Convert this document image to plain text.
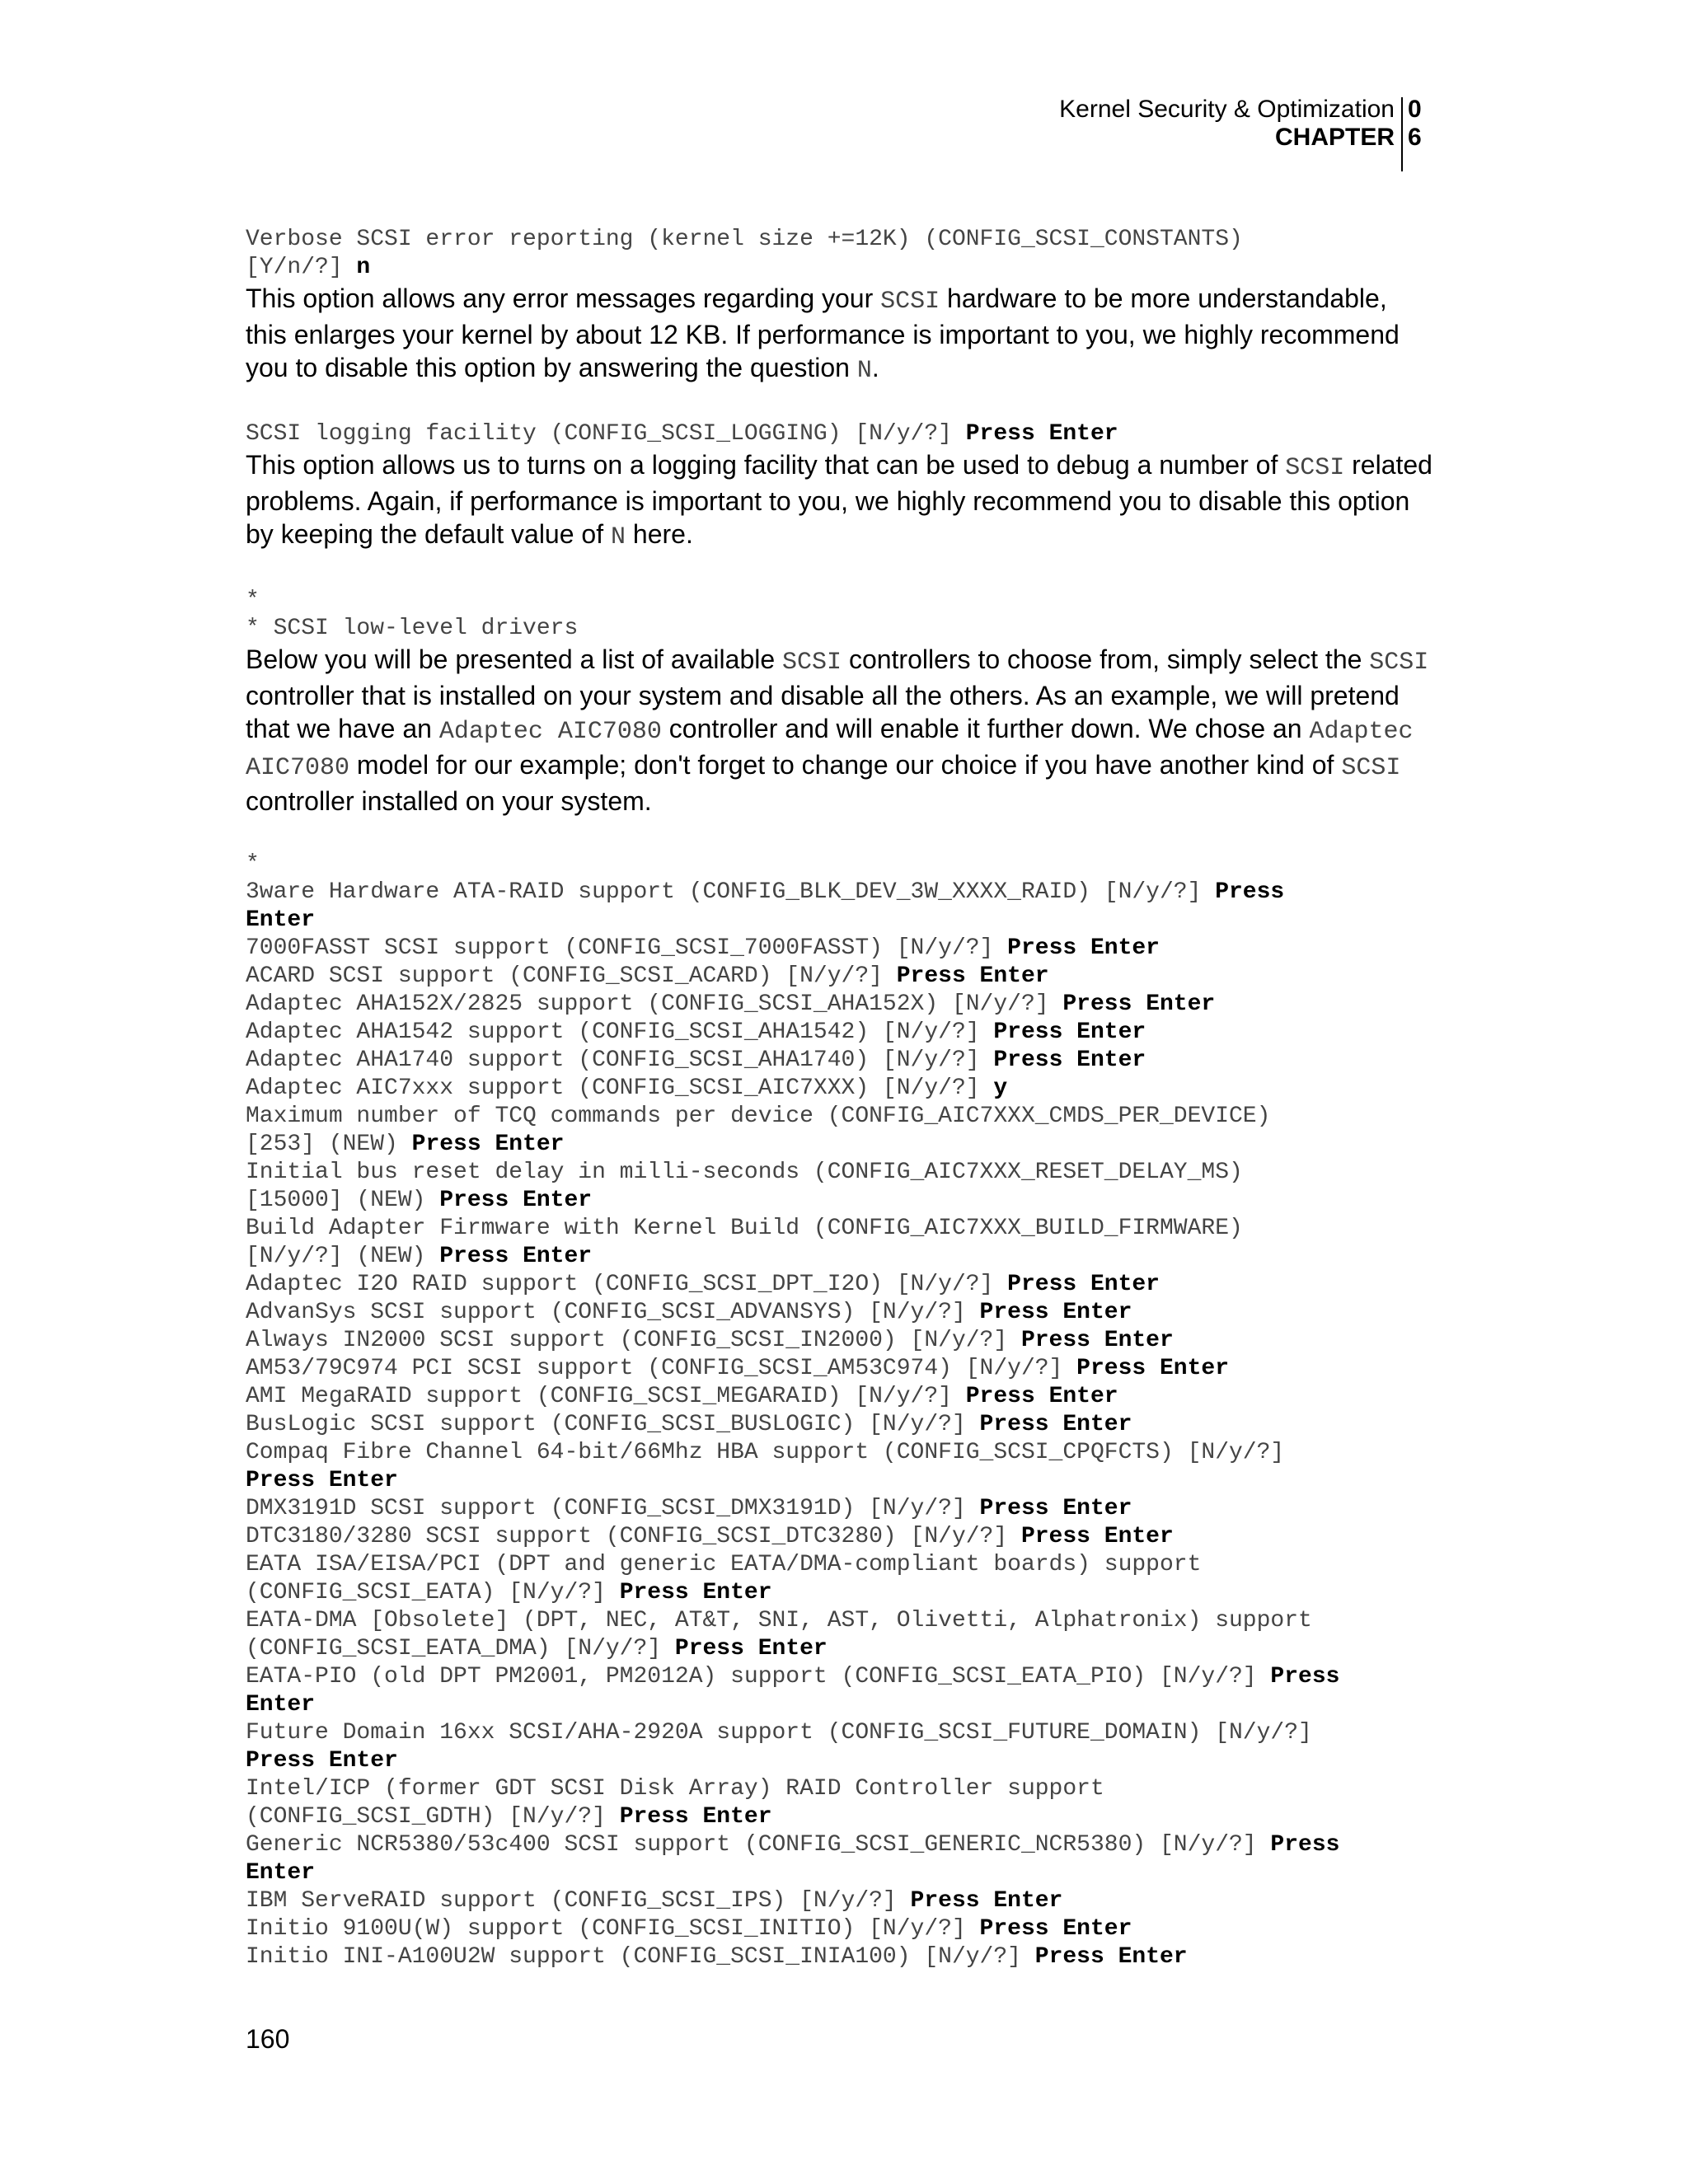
Kernel Security & Optimization
CHAPTER
0
6
Verbose SCSI error reporting (kernel size +=12K) (CONFIG_SCSI_CONSTANTS)
[Y/n/?] n
This option allows any error messages regarding your SCSI hardware to be more understandable, this enlarges your kernel by about 12 KB. If performance is important to you, we highly recommend you to disable this option by answering the question N.
SCSI logging facility (CONFIG_SCSI_LOGGING) [N/y/?] Press Enter
This option allows us to turns on a logging facility that can be used to debug a number of SCSI related problems. Again, if performance is important to you, we highly recommend you to disable this option by keeping the default value of N here.
*
* SCSI low-level drivers
Below you will be presented a list of available SCSI controllers to choose from, simply select the SCSI controller that is installed on your system and disable all the others. As an example, we will pretend that we have an Adaptec AIC7080 controller and will enable it further down. We chose an Adaptec AIC7080 model for our example; don't forget to change our choice if you have another kind of SCSI controller installed on your system.
*
3ware Hardware ATA-RAID support (CONFIG_BLK_DEV_3W_XXXX_RAID) [N/y/?] Press
Enter
7000FASST SCSI support (CONFIG_SCSI_7000FASST) [N/y/?] Press Enter
ACARD SCSI support (CONFIG_SCSI_ACARD) [N/y/?] Press Enter
Adaptec AHA152X/2825 support (CONFIG_SCSI_AHA152X) [N/y/?] Press Enter
Adaptec AHA1542 support (CONFIG_SCSI_AHA1542) [N/y/?] Press Enter
Adaptec AHA1740 support (CONFIG_SCSI_AHA1740) [N/y/?] Press Enter
Adaptec AIC7xxx support (CONFIG_SCSI_AIC7XXX) [N/y/?] y
Maximum number of TCQ commands per device (CONFIG_AIC7XXX_CMDS_PER_DEVICE)
[253] (NEW) Press Enter
Initial bus reset delay in milli-seconds (CONFIG_AIC7XXX_RESET_DELAY_MS)
[15000] (NEW) Press Enter
Build Adapter Firmware with Kernel Build (CONFIG_AIC7XXX_BUILD_FIRMWARE)
[N/y/?] (NEW) Press Enter
Adaptec I2O RAID support (CONFIG_SCSI_DPT_I2O) [N/y/?] Press Enter
AdvanSys SCSI support (CONFIG_SCSI_ADVANSYS) [N/y/?] Press Enter
Always IN2000 SCSI support (CONFIG_SCSI_IN2000) [N/y/?] Press Enter
AM53/79C974 PCI SCSI support (CONFIG_SCSI_AM53C974) [N/y/?] Press Enter
AMI MegaRAID support (CONFIG_SCSI_MEGARAID) [N/y/?] Press Enter
BusLogic SCSI support (CONFIG_SCSI_BUSLOGIC) [N/y/?] Press Enter
Compaq Fibre Channel 64-bit/66Mhz HBA support (CONFIG_SCSI_CPQFCTS) [N/y/?]
Press Enter
DMX3191D SCSI support (CONFIG_SCSI_DMX3191D) [N/y/?] Press Enter
DTC3180/3280 SCSI support (CONFIG_SCSI_DTC3280) [N/y/?] Press Enter
EATA ISA/EISA/PCI (DPT and generic EATA/DMA-compliant boards) support
(CONFIG_SCSI_EATA) [N/y/?] Press Enter
EATA-DMA [Obsolete] (DPT, NEC, AT&T, SNI, AST, Olivetti, Alphatronix) support
(CONFIG_SCSI_EATA_DMA) [N/y/?] Press Enter
EATA-PIO (old DPT PM2001, PM2012A) support (CONFIG_SCSI_EATA_PIO) [N/y/?] Press
Enter
Future Domain 16xx SCSI/AHA-2920A support (CONFIG_SCSI_FUTURE_DOMAIN) [N/y/?]
Press Enter
Intel/ICP (former GDT SCSI Disk Array) RAID Controller support
(CONFIG_SCSI_GDTH) [N/y/?] Press Enter
Generic NCR5380/53c400 SCSI support (CONFIG_SCSI_GENERIC_NCR5380) [N/y/?] Press
Enter
IBM ServeRAID support (CONFIG_SCSI_IPS) [N/y/?] Press Enter
Initio 9100U(W) support (CONFIG_SCSI_INITIO) [N/y/?] Press Enter
Initio INI-A100U2W support (CONFIG_SCSI_INIA100) [N/y/?] Press Enter
160
